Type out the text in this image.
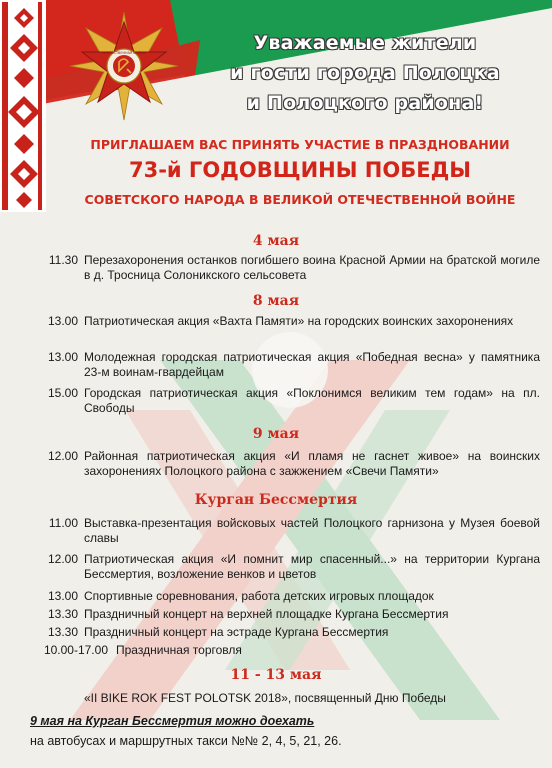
ОТЕЧЕСТВЕННАЯ ВОЙНА	Уважаемые жители
и гости города Полоцка
и Полоцкого района!
ПРИГЛАШАЕМ ВАС ПРИНЯТЬ УЧАСТИЕ В ПРАЗДНОВАНИИ
73-й ГОДОВЩИНЫ ПОБЕДЫ
СОВЕТСКОГО НАРОДА В ВЕЛИКОЙ ОТЕЧЕСТВЕННОЙ ВОЙНЕ
4 мая
11.30 Перезахоронения останков погибшего воина Красной Армии на братской могиле в д. Тросница Солоникского сельсовета
8 мая
13.00 Патриотическая акция «Вахта Памяти» на городских воинских захоронениях
13.00 Молодежная городская патриотическая акция «Победная весна» у памятника 23-м воинам-гвардейцам
15.00 Городская патриотическая акция «Поклонимся великим тем годам» на пл. Свободы
9 мая
12.00 Районная патриотическая акция «И пламя не гаснет живое» на воинских захоронениях Полоцкого района с зажжением «Свечи Памяти»
Курган Бессмертия
11.00 Выставка-презентация войсковых частей Полоцкого гарнизона у Музея боевой славы
12.00 Патриотическая акция «И помнит мир спасенный...» на территории Кургана Бессмертия, возложение венков и цветов
13.00 Спортивные соревнования, работа детских игровых площадок
13.30 Праздничный концерт на верхней площадке Кургана Бессмертия
13.30 Праздничный концерт на эстраде Кургана Бессмертия
10.00-17.00 Праздничная торговля
11 - 13 мая
«II BIKE ROK FEST POLOTSK 2018», посвященный Дню Победы
9 мая на Курган Бессмертия можно доехать
на автобусах и маршрутных такси №№ 2, 4, 5, 21, 26.
